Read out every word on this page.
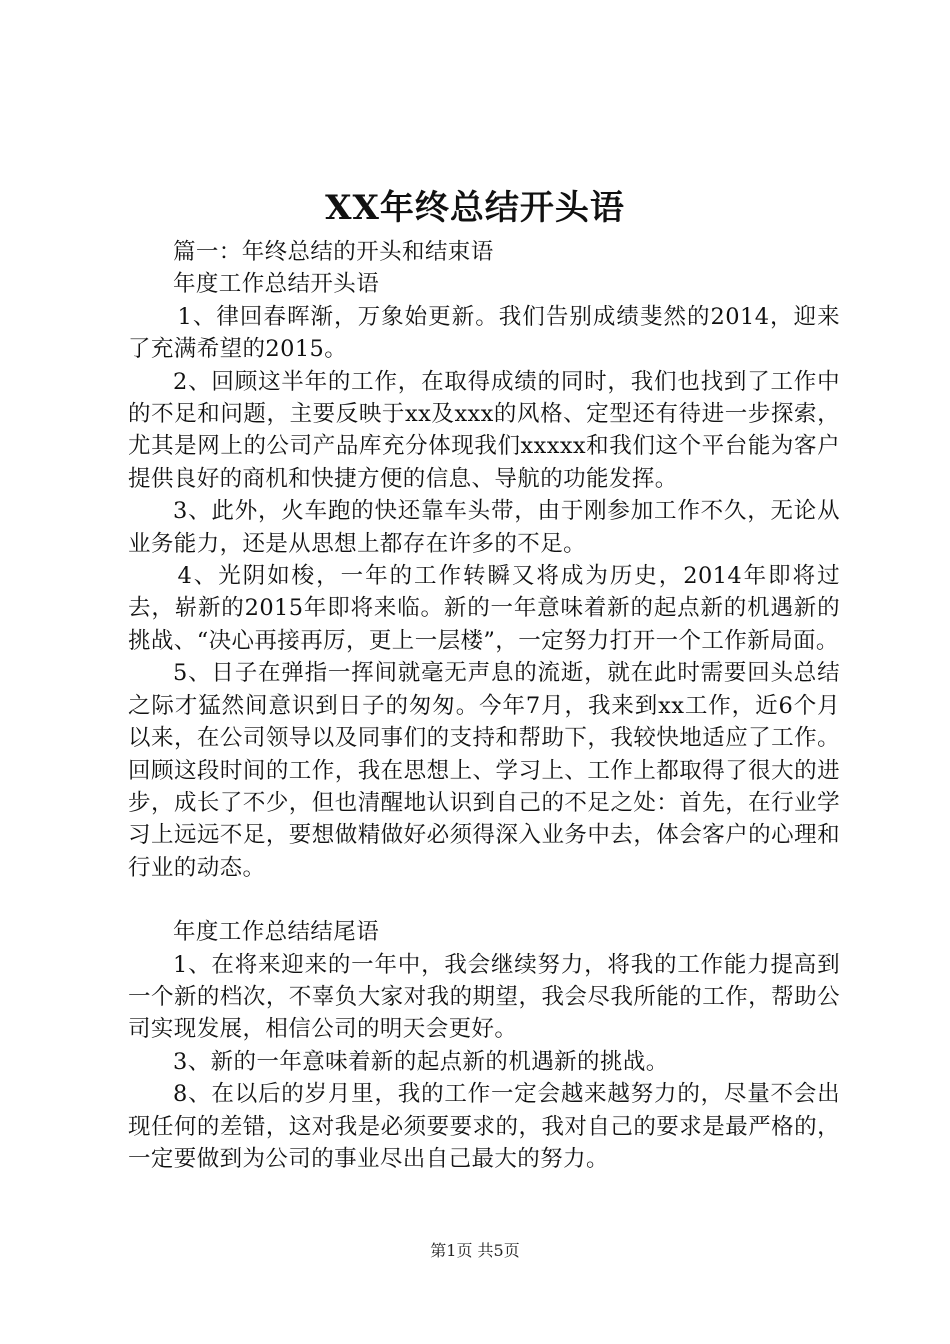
XX年终总结开头语

篇一：年终总结的开头和结束语

年度工作总结开头语

1、律回春晖渐，万象始更新。我们告别成绩斐然的2014，迎来了充满希望的2015。

2、回顾这半年的工作，在取得成绩的同时，我们也找到了工作中的不足和问题，主要反映于xx及xxx的风格、定型还有待进一步探索，尤其是网上的公司产品库充分体现我们xxxxx和我们这个平台能为客户提供良好的商机和快捷方便的信息、导航的功能发挥。

3、此外，火车跑的快还靠车头带，由于刚参加工作不久，无论从业务能力，还是从思想上都存在许多的不足。

4、光阴如梭，一年的工作转瞬又将成为历史，2014年即将过去，崭新的2015年即将来临。新的一年意味着新的起点新的机遇新的挑战、“决心再接再厉，更上一层楼”，一定努力打开一个工作新局面。

5、日子在弹指一挥间就毫无声息的流逝，就在此时需要回头总结之际才猛然间意识到日子的匆匆。今年7月，我来到xx工作，近6个月以来，在公司领导以及同事们的支持和帮助下，我较快地适应了工作。回顾这段时间的工作，我在思想上、学习上、工作上都取得了很大的进步，成长了不少，但也清醒地认识到自己的不足之处：首先，在行业学习上远远不足，要想做精做好必须得深入业务中去，体会客户的心理和行业的动态。

年度工作总结结尾语

1、在将来迎来的一年中，我会继续努力，将我的工作能力提高到一个新的档次，不辜负大家对我的期望，我会尽我所能的工作，帮助公司实现发展，相信公司的明天会更好。

3、新的一年意味着新的起点新的机遇新的挑战。

8、在以后的岁月里，我的工作一定会越来越努力的，尽量不会出现任何的差错，这对我是必须要要求的，我对自己的要求是最严格的，一定要做到为公司的事业尽出自己最大的努力。

第1页 共5页
